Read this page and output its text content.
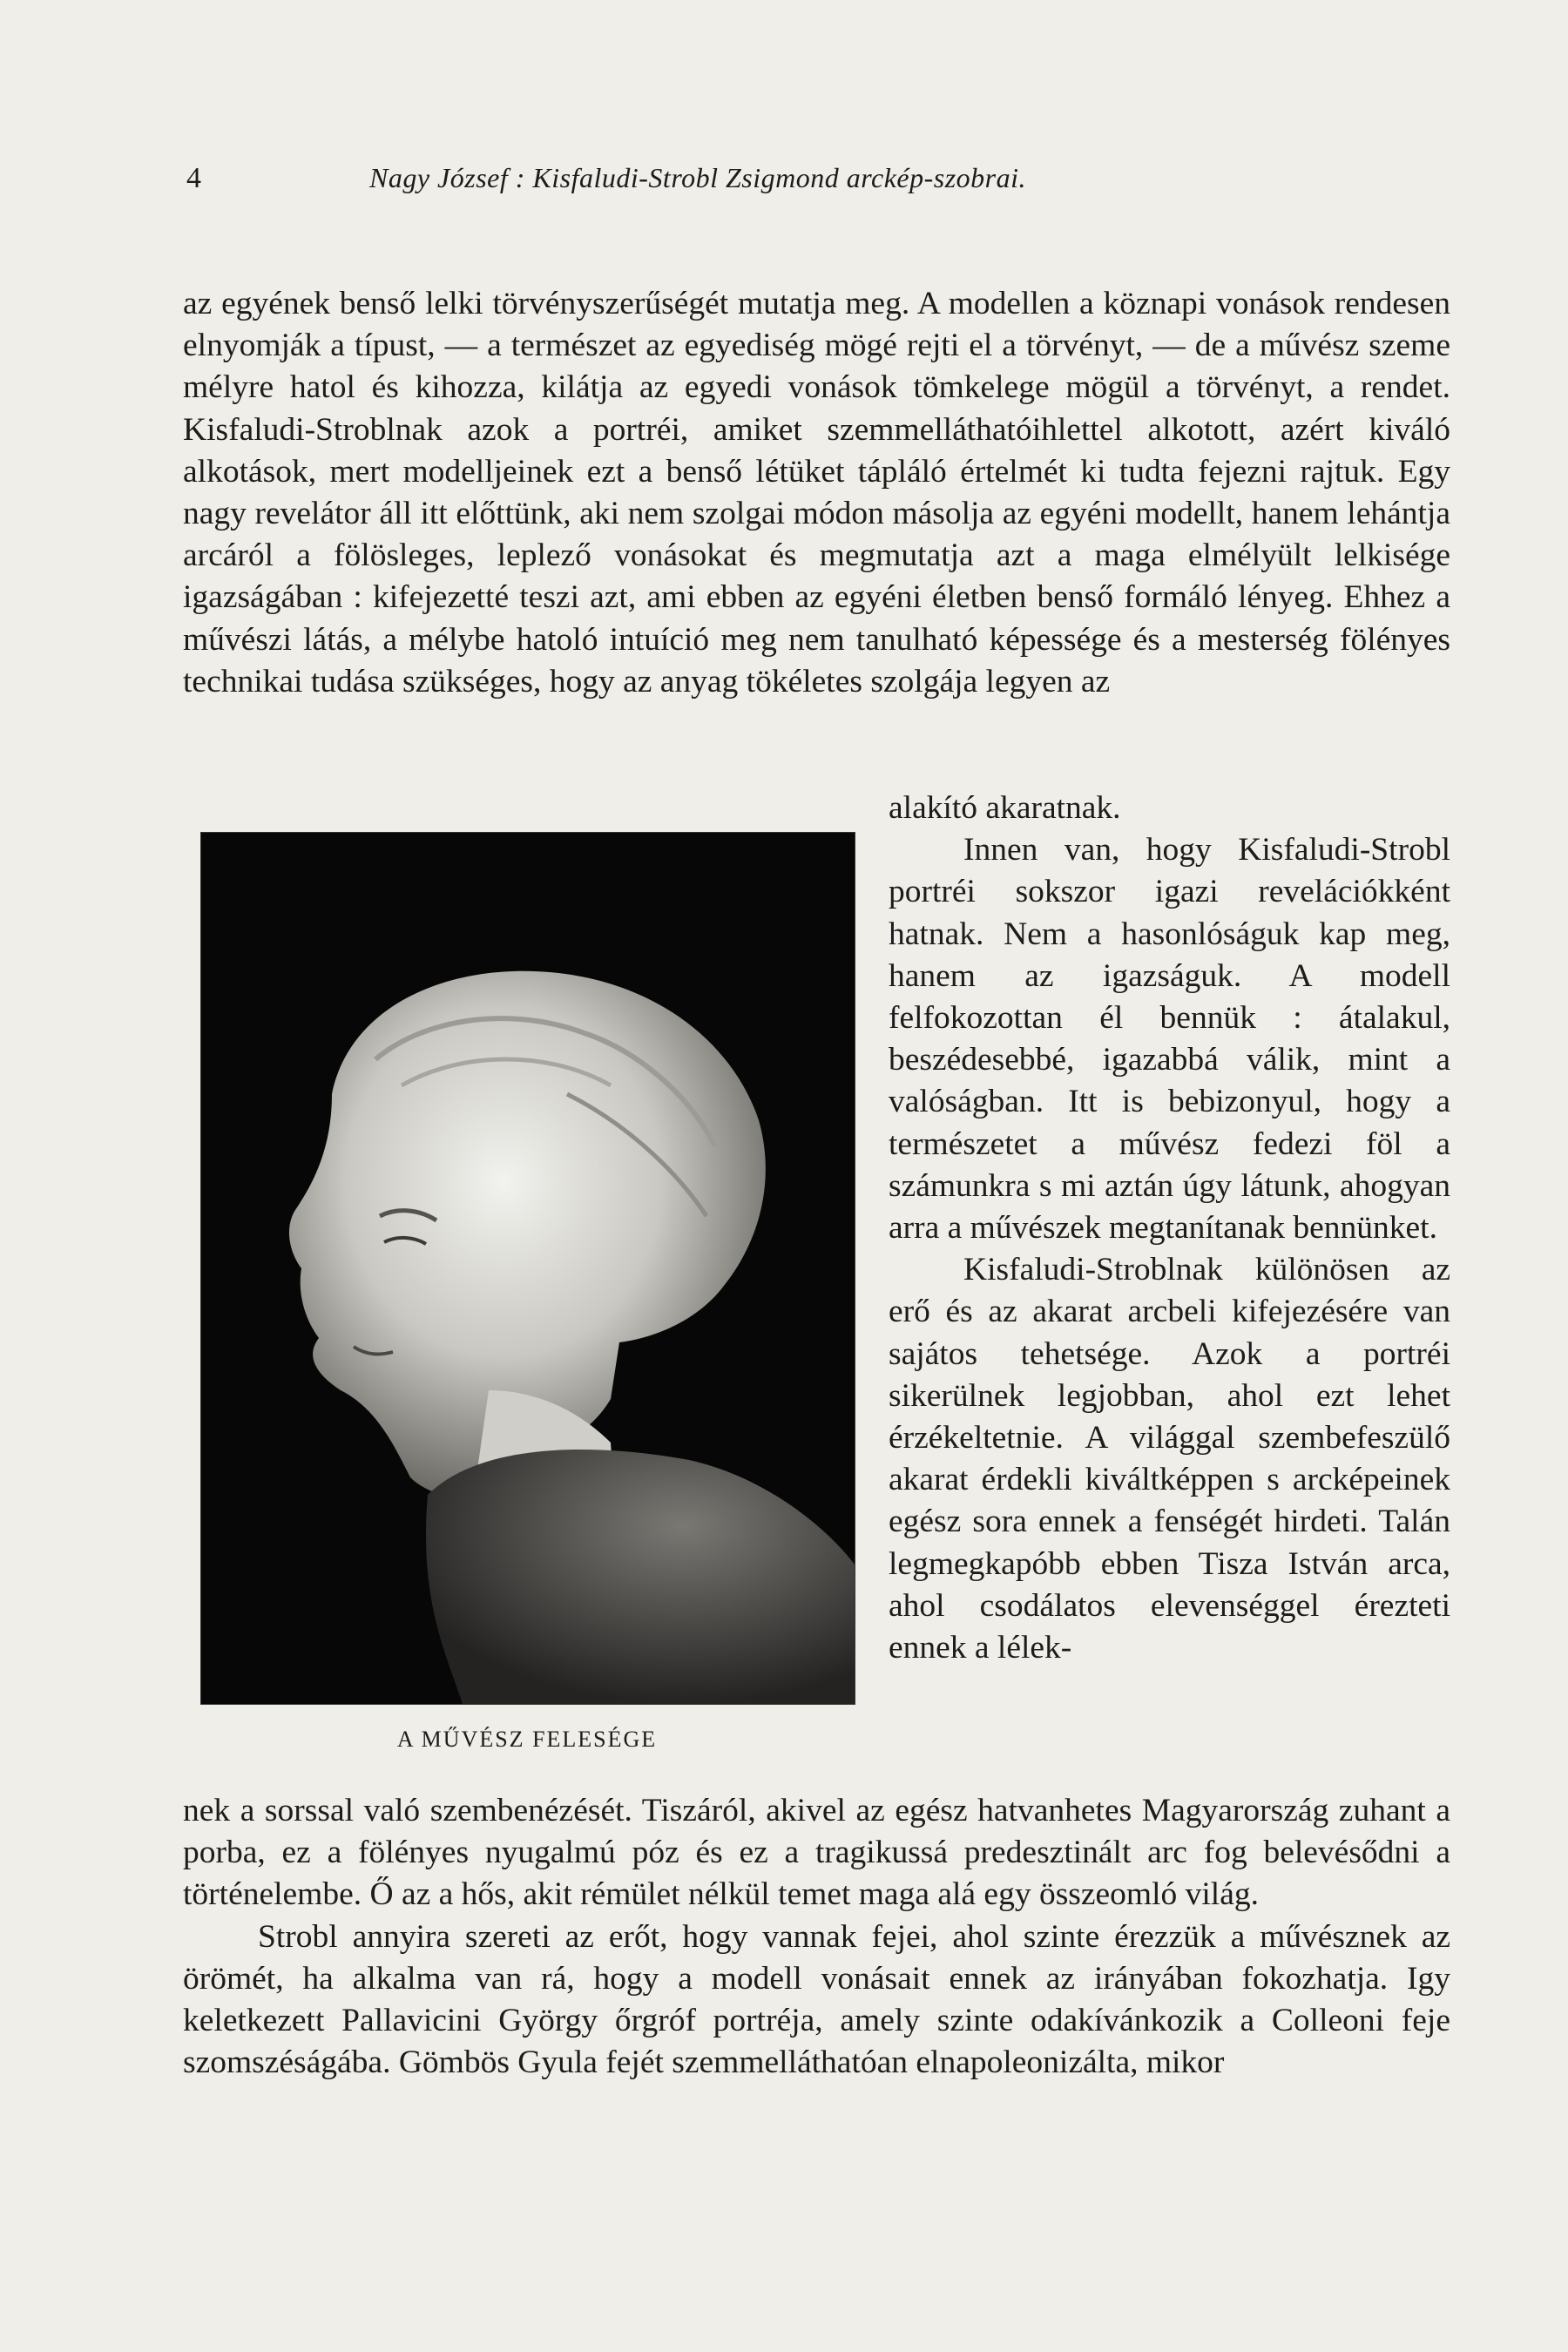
4	Nagy József : Kisfaludi-Strobl Zsigmond arckép-szobrai.

az egyének benső lelki törvényszerűségét mutatja meg. A modellen a köznapi vonások rendesen elnyomják a típust, — a természet az egyediség mögé rejti el a törvényt, — de a művész szeme mélyre hatol és kihozza, kilátja az egyedi vonások tömkelege mögül a törvényt, a rendet. Kisfaludi-Stroblnak azok a portréi, amiket szemmelláthatóihlettel alkotott, azért kiváló alkotások, mert modelljeinek ezt a benső létüket tápláló értelmét ki tudta fejezni rajtuk. Egy nagy revelátor áll itt előttünk, aki nem szolgai módon másolja az egyéni modellt, hanem lehántja arcáról a fölösleges, leplező vonásokat és megmutatja azt a maga elmélyült lelkisége igazságában : kifejezetté teszi azt, ami ebben az egyéni életben benső formáló lényeg. Ehhez a művészi látás, a mélybe hatoló intuíció meg nem tanulható képessége és a mesterség fölényes technikai tudása szükséges, hogy az anyag tökéletes szolgája legyen az

A MŰVÉSZ FELESÉGE

alakító akaratnak.

Innen van, hogy Kisfaludi-Strobl portréi sokszor igazi revelációkként hatnak. Nem a hasonlóságuk kap meg, hanem az igazságuk. A modell felfokozottan él bennük : átalakul, beszédesebbé, igazabbá válik, mint a valóságban. Itt is bebizonyul, hogy a természetet a művész fedezi föl a számunkra s mi aztán úgy látunk, ahogyan arra a művészek megtanítanak bennünket.

Kisfaludi-Stroblnak különösen az erő és az akarat arcbeli kifejezésére van sajátos tehetsége. Azok a portréi sikerülnek legjobban, ahol ezt lehet érzékeltetnie. A világgal szembefeszülő akarat érdekli kiváltképpen s arcképeinek egész sora ennek a fenségét hirdeti. Talán legmegkapóbb ebben Tisza István arca, ahol csodálatos elevenséggel érezteti ennek a lélek-

nek a sorssal való szembenézését. Tiszáról, akivel az egész hatvanhetes Magyarország zuhant a porba, ez a fölényes nyugalmú póz és ez a tragikussá predesztinált arc fog belevésődni a történelembe. Ő az a hős, akit rémület nélkül temet maga alá egy összeomló világ.

Strobl annyira szereti az erőt, hogy vannak fejei, ahol szinte érezzük a művésznek az örömét, ha alkalma van rá, hogy a modell vonásait ennek az irányában fokozhatja. Igy keletkezett Pallavicini György őrgróf portréja, amely szinte odakívánkozik a Colleoni feje szomszéságába. Gömbös Gyula fejét szemmelláthatóan elnapoleonizálta, mikor
